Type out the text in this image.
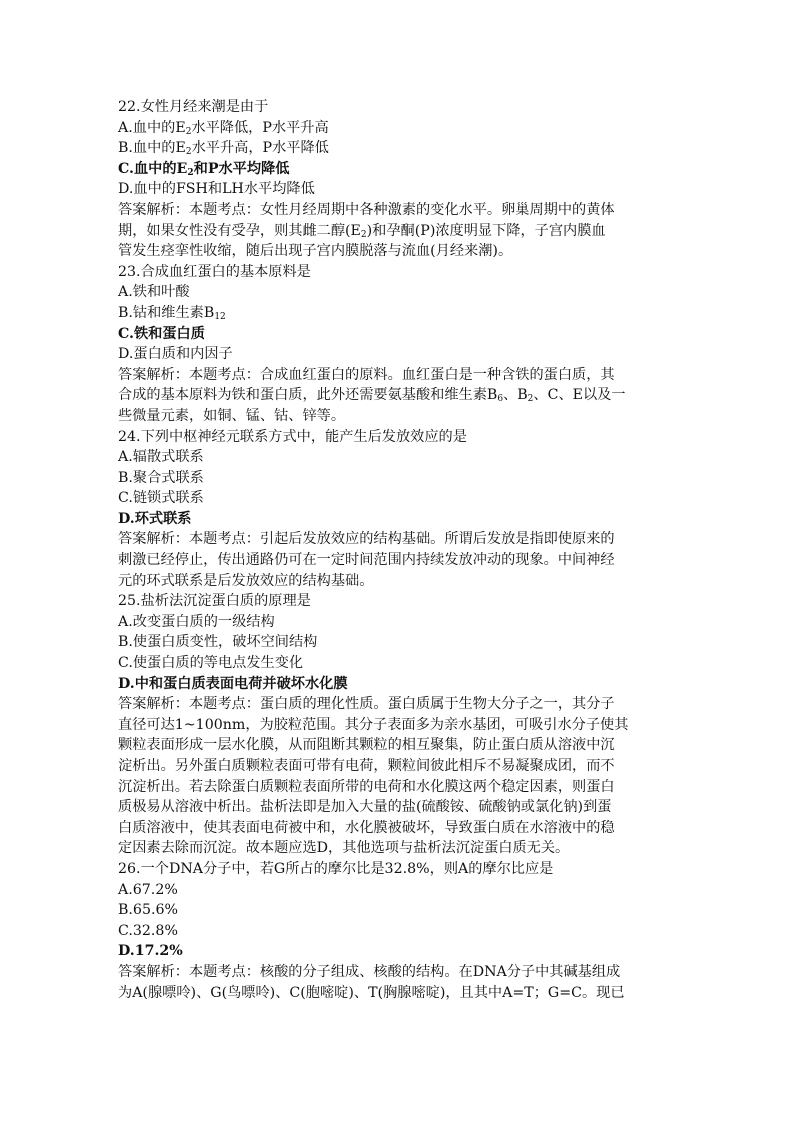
22.女性月经来潮是由于
A.血中的$E_2$水平降低，P水平升高
B.血中的$E_2$水平升高，P水平降低
C.血中的$E_2$和P水平均降低
D.血中的FSH和LH水平均降低
答案解析：本题考点：女性月经周期中各种激素的变化水平。卵巢周期中的黄体
期，如果女性没有受孕，则其雌二醇$(E_2)$和孕酮(P)浓度明显下降，子宫内膜血
管发生痉挛性收缩，随后出现子宫内膜脱落与流血(月经来潮)。
23.合成血红蛋白的基本原料是
A.铁和叶酸
B.钴和维生素$B_{12}$
C.铁和蛋白质
D.蛋白质和内因子
答案解析：本题考点：合成血红蛋白的原料。血红蛋白是一种含铁的蛋白质，其
合成的基本原料为铁和蛋白质，此外还需要氨基酸和维生素$B_6$、$B_2$、C、E以及一
些微量元素，如铜、锰、钴、锌等。
24.下列中枢神经元联系方式中，能产生后发放效应的是
A.辐散式联系
B.聚合式联系
C.链锁式联系
D.环式联系
答案解析：本题考点：引起后发放效应的结构基础。所谓后发放是指即使原来的
刺激已经停止，传出通路仍可在一定时间范围内持续发放冲动的现象。中间神经
元的环式联系是后发放效应的结构基础。
25.盐析法沉淀蛋白质的原理是
A.改变蛋白质的一级结构
B.使蛋白质变性，破坏空间结构
C.使蛋白质的等电点发生变化
D.中和蛋白质表面电荷并破坏水化膜
答案解析：本题考点：蛋白质的理化性质。蛋白质属于生物大分子之一，其分子
直径可达1~100nm，为胶粒范围。其分子表面多为亲水基团，可吸引水分子使其
颗粒表面形成一层水化膜，从而阻断其颗粒的相互聚集，防止蛋白质从溶液中沉
淀析出。另外蛋白质颗粒表面可带有电荷，颗粒间彼此相斥不易凝聚成团，而不
沉淀析出。若去除蛋白质颗粒表面所带的电荷和水化膜这两个稳定因素，则蛋白
质极易从溶液中析出。盐析法即是加入大量的盐(硫酸铵、硫酸钠或氯化钠)到蛋
白质溶液中，使其表面电荷被中和，水化膜被破坏，导致蛋白质在水溶液中的稳
定因素去除而沉淀。故本题应选D，其他选项与盐析法沉淀蛋白质无关。
26.一个DNA分子中，若G所占的摩尔比是32.8%，则A的摩尔比应是
A.67.2%
B.65.6%
C.32.8%
D.17.2%
答案解析：本题考点：核酸的分子组成、核酸的结构。在DNA分子中其碱基组成
为A(腺嘌呤)、G(鸟嘌呤)、C(胞嘧啶)、T(胸腺嘧啶)，且其中A=T；G=C。现已
